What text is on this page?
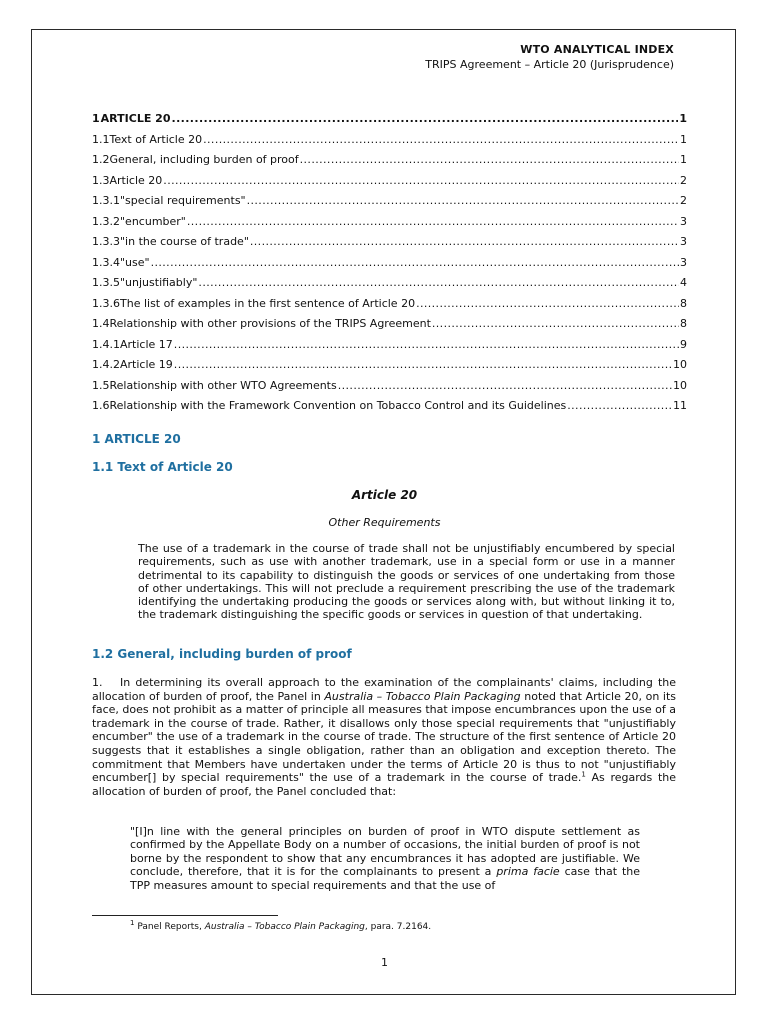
WTO ANALYTICAL INDEX
TRIPS Agreement – Article 20 (Jurisprudence)
1 ARTICLE 20 .....	1
1.1 Text of Article 20 .....	1
1.2 General, including burden of proof .....	1
1.3 Article 20 .....	2
1.3.1 "special requirements" .....	2
1.3.2 "encumber" .....	3
1.3.3 "in the course of trade" .....	3
1.3.4 "use" .....	3
1.3.5 "unjustifiably" .....	4
1.3.6 The list of examples in the first sentence of Article 20 .....	8
1.4 Relationship with other provisions of the TRIPS Agreement .....	8
1.4.1 Article 17 .....	9
1.4.2 Article 19 .....	10
1.5 Relationship with other WTO Agreements .....	10
1.6 Relationship with the Framework Convention on Tobacco Control and its Guidelines .....	11
1 ARTICLE 20
1.1 Text of Article 20
Article 20
Other Requirements
The use of a trademark in the course of trade shall not be unjustifiably encumbered by special requirements, such as use with another trademark, use in a special form or use in a manner detrimental to its capability to distinguish the goods or services of one undertaking from those of other undertakings. This will not preclude a requirement prescribing the use of the trademark identifying the undertaking producing the goods or services along with, but without linking it to, the trademark distinguishing the specific goods or services in question of that undertaking.
1.2 General, including burden of proof
1. In determining its overall approach to the examination of the complainants' claims, including the allocation of burden of proof, the Panel in Australia – Tobacco Plain Packaging noted that Article 20, on its face, does not prohibit as a matter of principle all measures that impose encumbrances upon the use of a trademark in the course of trade. Rather, it disallows only those special requirements that "unjustifiably encumber" the use of a trademark in the course of trade. The structure of the first sentence of Article 20 suggests that it establishes a single obligation, rather than an obligation and exception thereto. The commitment that Members have undertaken under the terms of Article 20 is thus to not "unjustifiably encumber[] by special requirements" the use of a trademark in the course of trade.$^1$ As regards the allocation of burden of proof, the Panel concluded that:
"[I]n line with the general principles on burden of proof in WTO dispute settlement as confirmed by the Appellate Body on a number of occasions, the initial burden of proof is not borne by the respondent to show that any encumbrances it has adopted are justifiable. We conclude, therefore, that it is for the complainants to present a prima facie case that the TPP measures amount to special requirements and that the use of
$^1$ Panel Reports, Australia – Tobacco Plain Packaging, para. 7.2164.
1
